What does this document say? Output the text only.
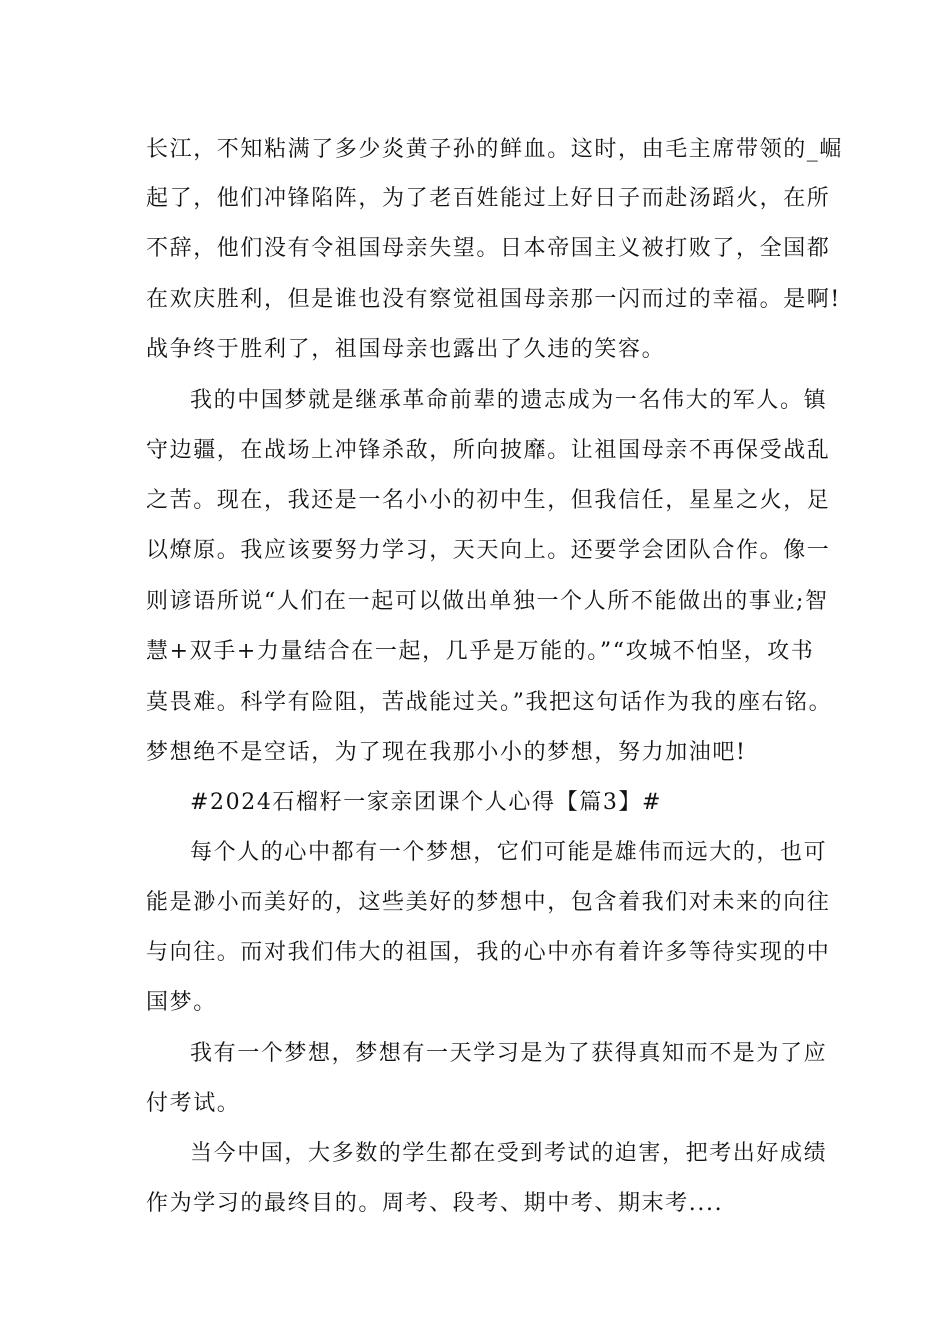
长江，不知粘满了多少炎黄子孙的鲜血。这时，由毛主席带领的_崛
起了，他们冲锋陷阵，为了老百姓能过上好日子而赴汤蹈火，在所
不辞，他们没有令祖国母亲失望。日本帝国主义被打败了，全国都
在欢庆胜利，但是谁也没有察觉祖国母亲那一闪而过的幸福。是啊!
战争终于胜利了，祖国母亲也露出了久违的笑容。
我的中国梦就是继承革命前辈的遗志成为一名伟大的军人。镇
守边疆，在战场上冲锋杀敌，所向披靡。让祖国母亲不再保受战乱
之苦。现在，我还是一名小小的初中生，但我信任，星星之火，足
以燎原。我应该要努力学习，天天向上。还要学会团队合作。像一
则谚语所说“人们在一起可以做出单独一个人所不能做出的事业;智
慧+双手+力量结合在一起，几乎是万能的。”“攻城不怕坚，攻书
莫畏难。科学有险阻，苦战能过关。”我把这句话作为我的座右铭。
梦想绝不是空话，为了现在我那小小的梦想，努力加油吧!
#2024石榴籽一家亲团课个人心得【篇3】#
每个人的心中都有一个梦想，它们可能是雄伟而远大的，也可
能是渺小而美好的，这些美好的梦想中，包含着我们对未来的向往
与向往。而对我们伟大的祖国，我的心中亦有着许多等待实现的中
国梦。
我有一个梦想，梦想有一天学习是为了获得真知而不是为了应
付考试。
当今中国，大多数的学生都在受到考试的迫害，把考出好成绩
作为学习的最终目的。周考、段考、期中考、期末考....
